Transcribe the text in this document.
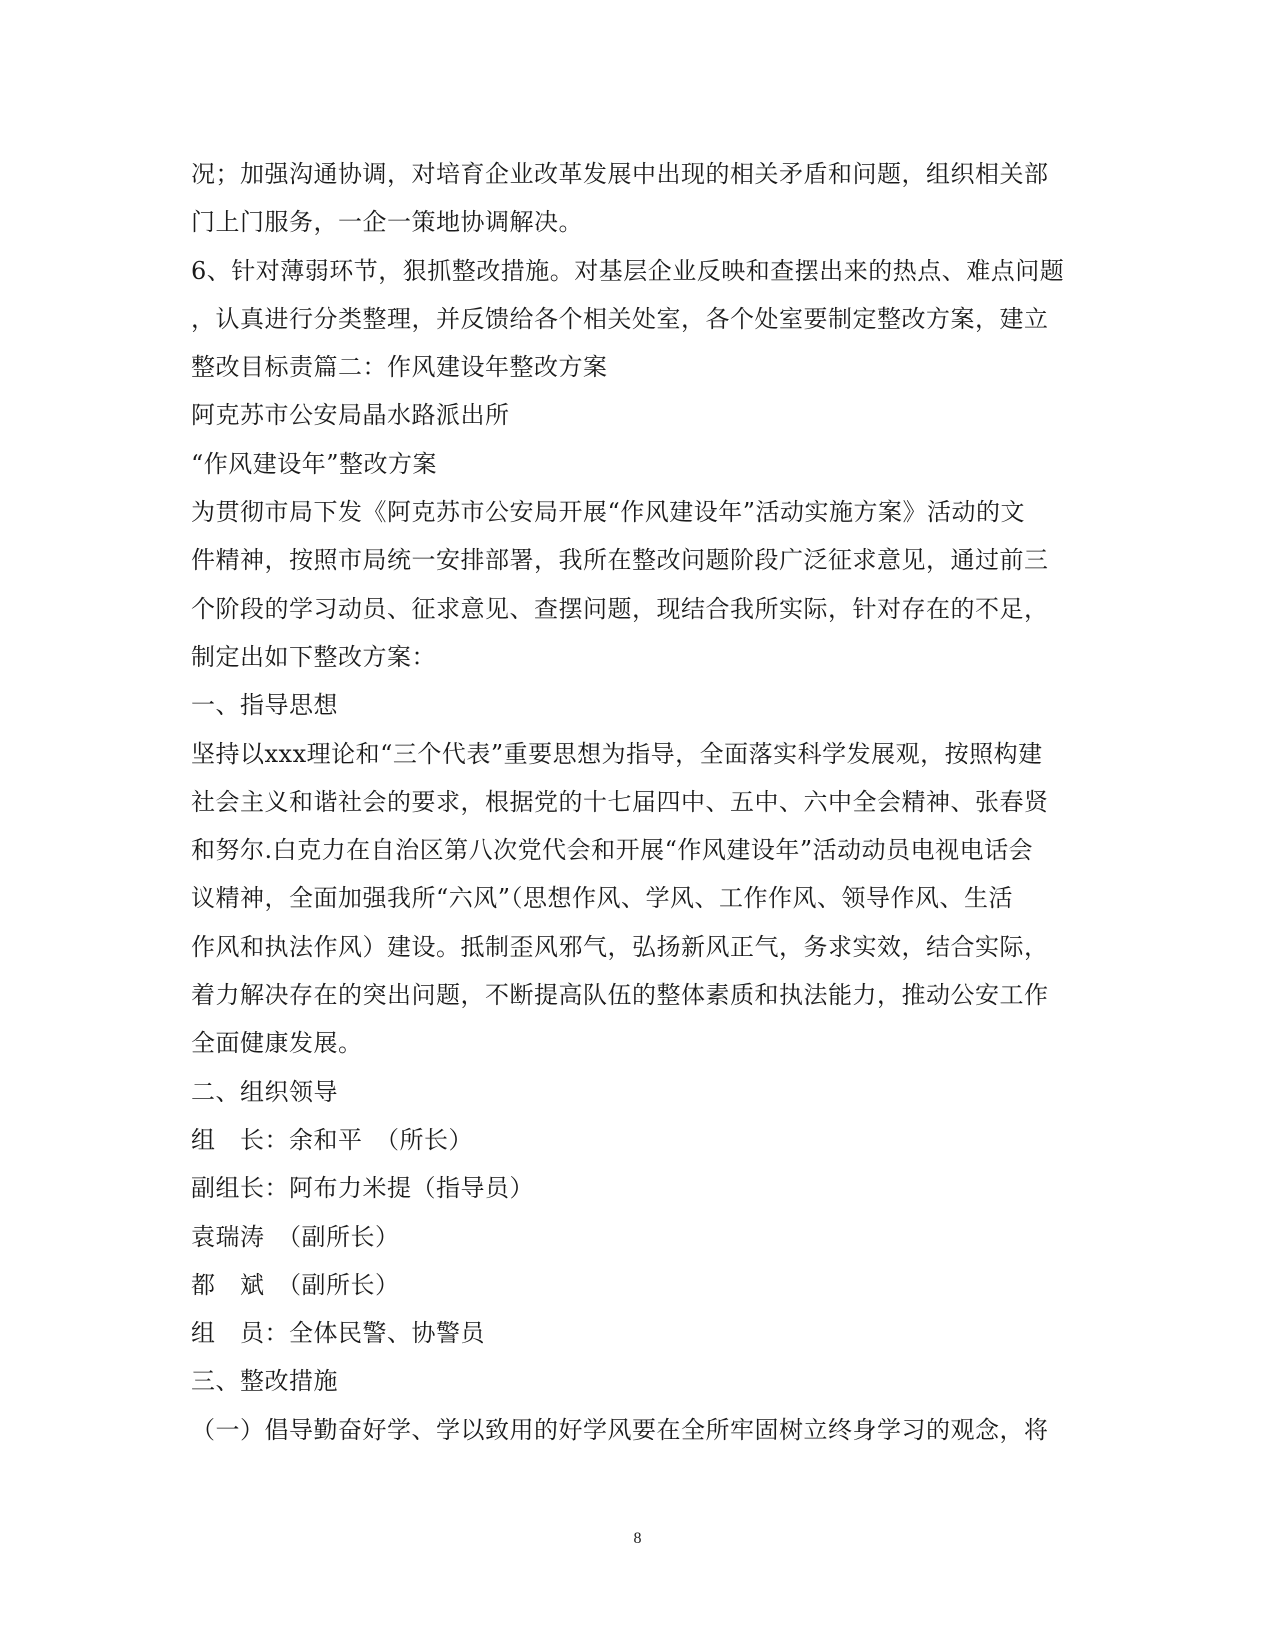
况；加强沟通协调，对培育企业改革发展中出现的相关矛盾和问题，组织相关部
门上门服务，一企一策地协调解决。
6、针对薄弱环节，狠抓整改措施。对基层企业反映和查摆出来的热点、难点问题
，认真进行分类整理，并反馈给各个相关处室，各个处室要制定整改方案，建立
整改目标责篇二：作风建设年整改方案
阿克苏市公安局晶水路派出所
“作风建设年”整改方案
为贯彻市局下发《阿克苏市公安局开展“作风建设年”活动实施方案》活动的文
件精神，按照市局统一安排部署，我所在整改问题阶段广泛征求意见，通过前三
个阶段的学习动员、征求意见、查摆问题，现结合我所实际，针对存在的不足，
制定出如下整改方案：
一、指导思想
坚持以xxx理论和“三个代表”重要思想为指导，全面落实科学发展观，按照构建
社会主义和谐社会的要求，根据党的十七届四中、五中、六中全会精神、张春贤
和努尔.白克力在自治区第八次党代会和开展“作风建设年”活动动员电视电话会
议精神，全面加强我所“六风”（思想作风、学风、工作作风、领导作风、生活
作风和执法作风）建设。抵制歪风邪气，弘扬新风正气，务求实效，结合实际，
着力解决存在的突出问题，不断提高队伍的整体素质和执法能力，推动公安工作
全面健康发展。
二、组织领导
组　长：余和平　（所长）
副组长：阿布力米提（指导员）
袁瑞涛　（副所长）
都　斌　（副所长）
组　员：全体民警、协警员
三、整改措施
（一）倡导勤奋好学、学以致用的好学风要在全所牢固树立终身学习的观念，将
8
